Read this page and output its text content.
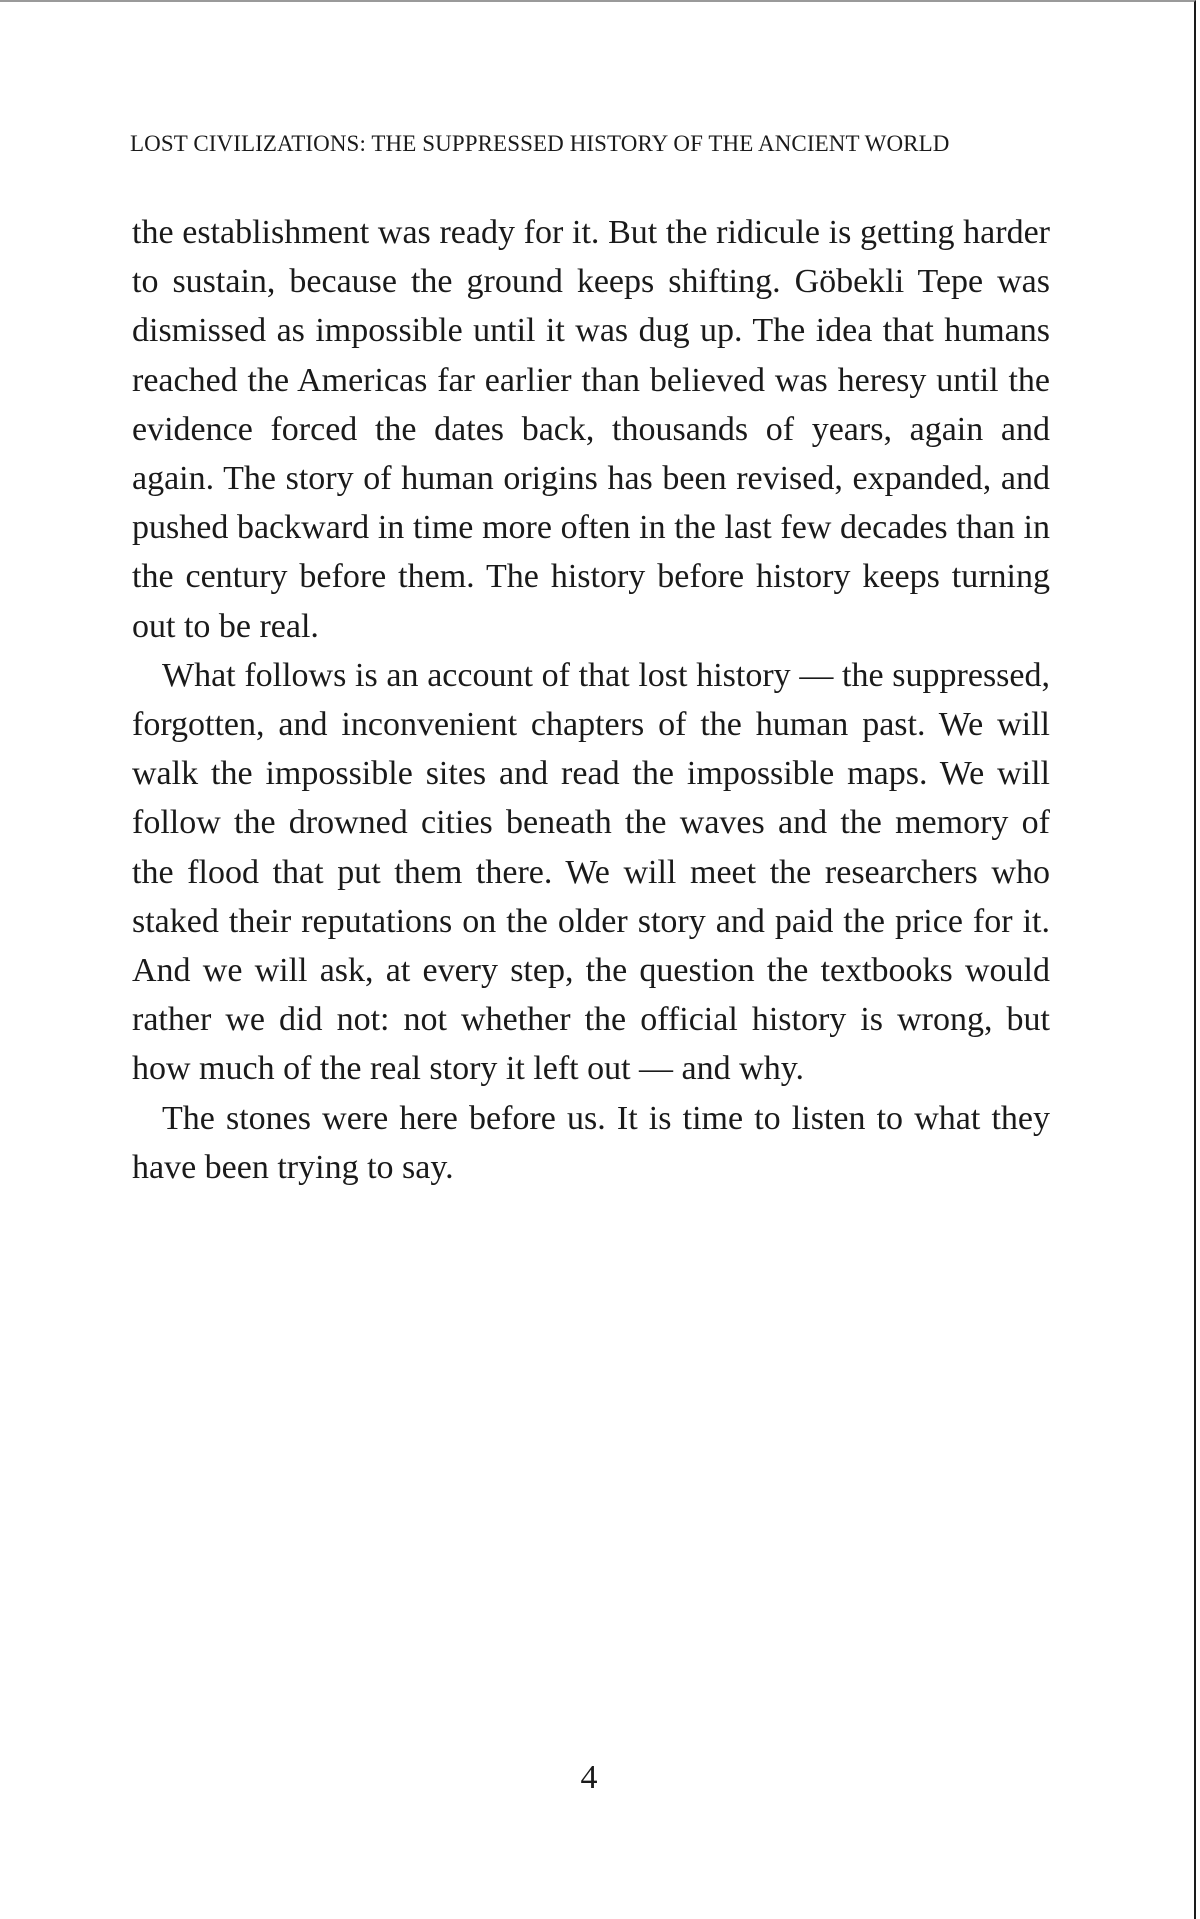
LOST CIVILIZATIONS: THE SUPPRESSED HISTORY OF THE ANCIENT WORLD

the establishment was ready for it. But the ridicule is getting harder to sustain, because the ground keeps shifting. Göbekli Tepe was dismissed as impossible until it was dug up. The idea that humans reached the Americas far earlier than believed was heresy until the evidence forced the dates back, thousands of years, again and again. The story of human origins has been revised, expanded, and pushed backward in time more often in the last few decades than in the century before them. The history before history keeps turning out to be real.

What follows is an account of that lost history — the suppressed, forgotten, and inconvenient chapters of the human past. We will walk the impossible sites and read the impossible maps. We will follow the drowned cities beneath the waves and the memory of the flood that put them there. We will meet the researchers who staked their reputations on the older story and paid the price for it. And we will ask, at every step, the question the textbooks would rather we did not: not whether the official history is wrong, but how much of the real story it left out — and why.

The stones were here before us. It is time to listen to what they have been trying to say.

4
